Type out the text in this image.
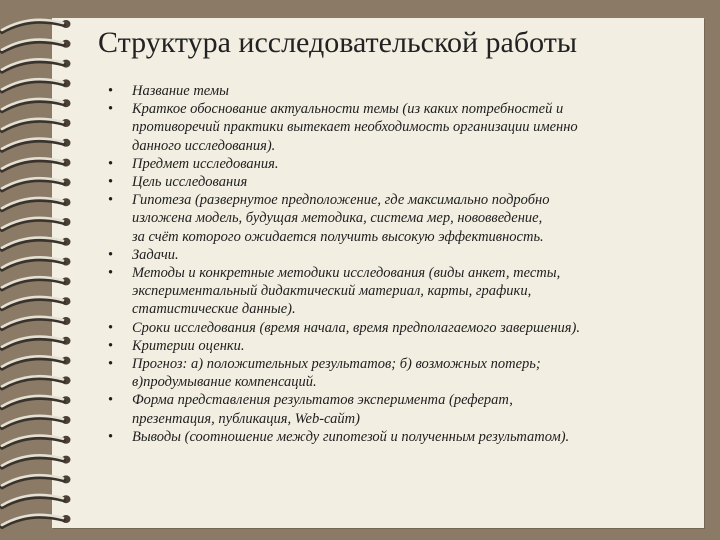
Структура исследовательской работы
• Название темы
• Краткое обоснование актуальности темы (из каких потребностей и
противоречий практики вытекает необходимость организации именно
данного исследования).
• Предмет исследования.
• Цель исследования
• Гипотеза (развернутое предположение, где максимально подробно
изложена модель, будущая методика, система мер, нововведение,
за счёт которого ожидается получить высокую эффективность.
• Задачи.
• Методы и конкретные методики исследования (виды анкет, тесты,
экспериментальный дидактический материал, карты, графики,
статистические данные).
• Сроки исследования (время начала, время предполагаемого завершения).
• Критерии оценки.
• Прогноз: а) положительных результатов; б) возможных потерь;
в)продумывание компенсаций.
• Форма представления результатов эксперимента (реферат,
презентация, публикация, Web-сайт)
• Выводы (соотношение между гипотезой и полученным результатом).
